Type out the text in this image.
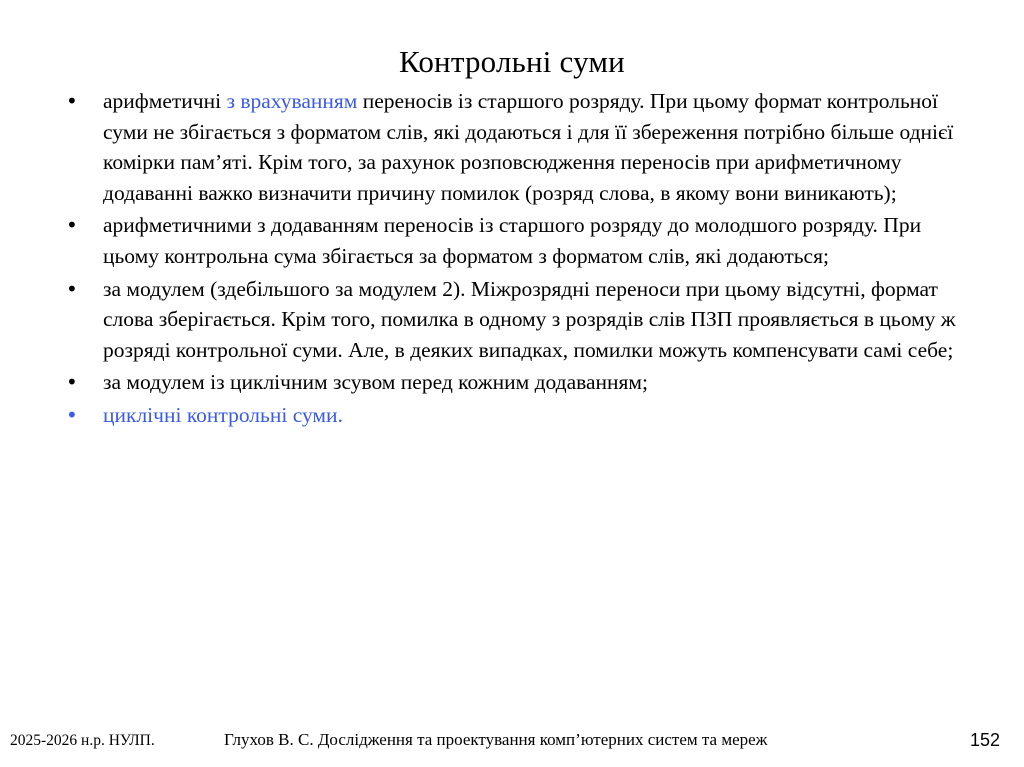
Контрольні суми
• арифметичні з врахуванням переносів із старшого розряду. При цьому формат контрольної суми не збігається з форматом слів, які додаються і для її збереження потрібно більше однієї комірки пам’яті. Крім того, за рахунок розповсюдження переносів при арифметичному додаванні важко визначити причину помилок (розряд слова, в якому вони виникають);
• арифметичними з додаванням переносів із старшого розряду до молодшого розряду. При цьому контрольна сума збігається за форматом з форматом слів, які додаються;
• за модулем (здебільшого за модулем 2). Міжрозрядні переноси при цьому відсутні, формат слова зберігається. Крім того, помилка в одному з розрядів слів ПЗП проявляється в цьому ж розряді контрольної суми. Але, в деяких випадках, помилки можуть компенсувати самі себе;
• за модулем із циклічним зсувом перед кожним додаванням;
• циклічні контрольні суми.
2025-2026 н.р. НУЛП.	Глухов В. С. Дослідження та проектування комп’ютерних систем та мереж	152
